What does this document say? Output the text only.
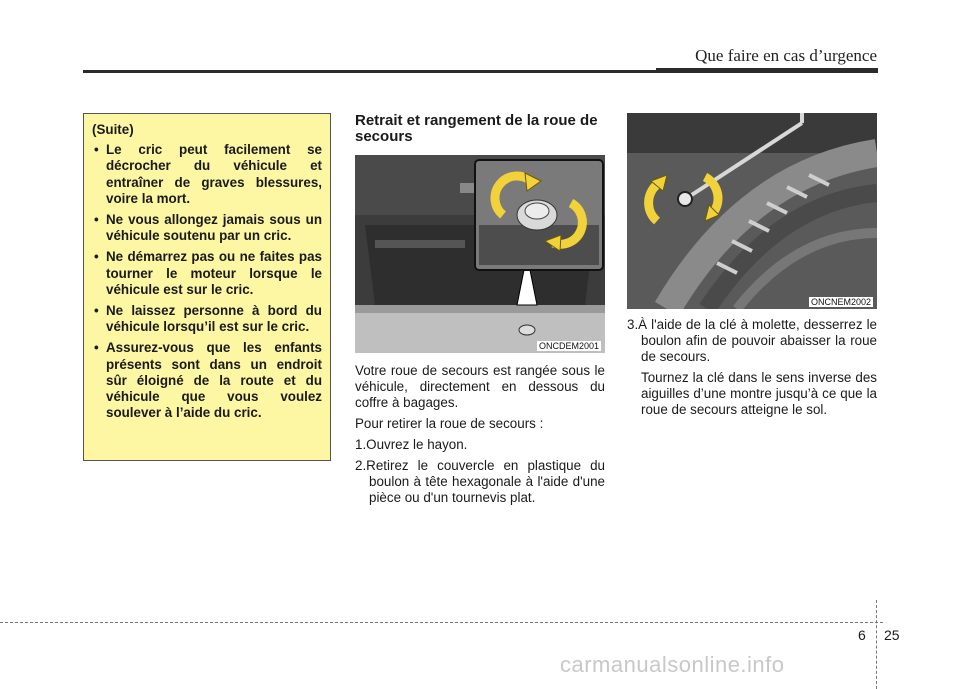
Que faire en cas d’urgence
(Suite)
• Le cric peut facilement se décrocher du véhicule et entraîner de graves blessures, voire la mort.
• Ne vous allongez jamais sous un véhicule soutenu par un cric.
• Ne démarrez pas ou ne faites pas tourner le moteur lorsque le véhicule est sur le cric.
• Ne laissez personne à bord du véhicule lorsqu’il est sur le cric.
• Assurez-vous que les enfants présents sont dans un endroit sûr éloigné de la route et du véhicule que vous voulez soulever à l’aide du cric.
Retrait et rangement de la roue de secours
ONCDEM2001

Votre roue de secours est rangée sous le véhicule, directement en dessous du coffre à bagages.

Pour retirer la roue de secours :

1.Ouvrez le hayon.

2.Retirez le couvercle en plastique du boulon à tête hexagonale à l'aide d'une pièce ou d'un tournevis plat.

ONCNEM2002

3.À l'aide de la clé à molette, desserrez le boulon afin de pouvoir abaisser la roue de secours.

Tournez la clé dans le sens inverse des aiguilles d’une montre jusqu’à ce que la roue de secours atteigne le sol.

6 25
carmanualsonline.info
